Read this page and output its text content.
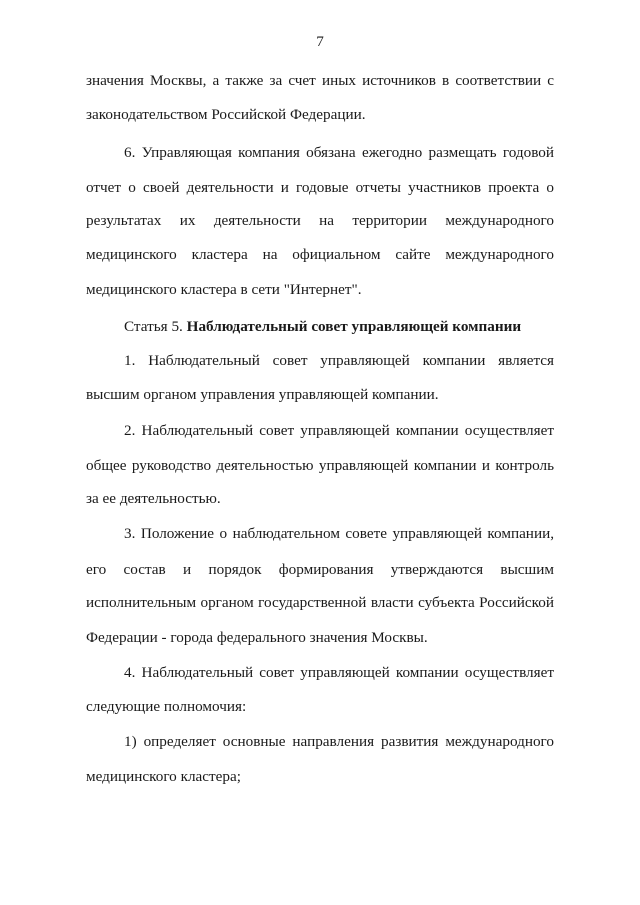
7
значения Москвы, а также за счет иных источников в соответствии с
законодательством Российской Федерации.
6. Управляющая компания обязана ежегодно размещать годовой
отчет о своей деятельности и годовые отчеты участников проекта о
результатах их деятельности на территории международного
медицинского кластера на официальном сайте международного
медицинского кластера в сети "Интернет".
Статья 5. Наблюдательный совет управляющей компании
1. Наблюдательный совет управляющей компании является
высшим органом управления управляющей компании.
2. Наблюдательный совет управляющей компании осуществляет
общее руководство деятельностью управляющей компании и контроль
за ее деятельностью.
3. Положение о наблюдательном совете управляющей компании,
его состав и порядок формирования утверждаются высшим
исполнительным органом государственной власти субъекта Российской
Федерации - города федерального значения Москвы.
4. Наблюдательный совет управляющей компании осуществляет
следующие полномочия:
1) определяет основные направления развития международного
медицинского кластера;
